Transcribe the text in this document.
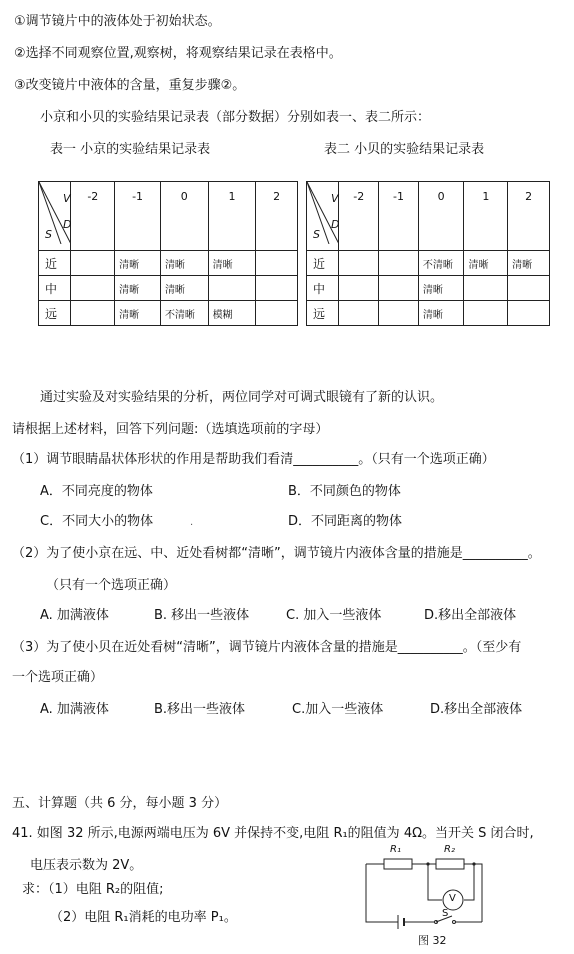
①调节镜片中的液体处于初始状态。
②选择不同观察位置,观察树，将观察结果记录在表格中。
③改变镜片中液体的含量，重复步骤②。
小京和小贝的实验结果记录表（部分数据）分别如表一、表二所示：
表一 小京的实验结果记录表	表二 小贝的实验结果记录表
V
D
S	-2	-1	0	1	2
近		清晰	清晰	清晰	
中		清晰	清晰		
远		清晰	不清晰	模糊	
V
D
S	-2	-1	0	1	2
近			不清晰	清晰	清晰
中			清晰		
远			清晰		
通过实验及对实验结果的分析，两位同学对可调式眼镜有了新的认识。
请根据上述材料，回答下列问题:（选填选项前的字母）
（1）调节眼睛晶状体形状的作用是帮助我们看清__________。（只有一个选项正确）
A．不同亮度的物体	B．不同颜色的物体
C．不同大小的物体	.	D．不同距离的物体
（2）为了使小京在远、中、近处看树都“清晰”，调节镜片内液体含量的措施是__________。
（只有一个选项正确）
A. 加满液体	B. 移出一些液体	C. 加入一些液体	D.移出全部液体
（3）为了使小贝在近处看树“清晰”，调节镜片内液体含量的措施是__________。（至少有
一个选项正确）
A. 加满液体	B.移出一些液体	C.加入一些液体	D.移出全部液体
五、计算题（共 6 分，每小题 3 分）
41. 如图 32 所示,电源两端电压为 6V 并保持不变,电阻 R₁的阻值为 4Ω。当开关 S 闭合时,
电压表示数为 2V。
求：（1）电阻 R₂的阻值;
（2）电阻 R₁消耗的电功率 P₁。
R₁	R₂
V
S
图 32
